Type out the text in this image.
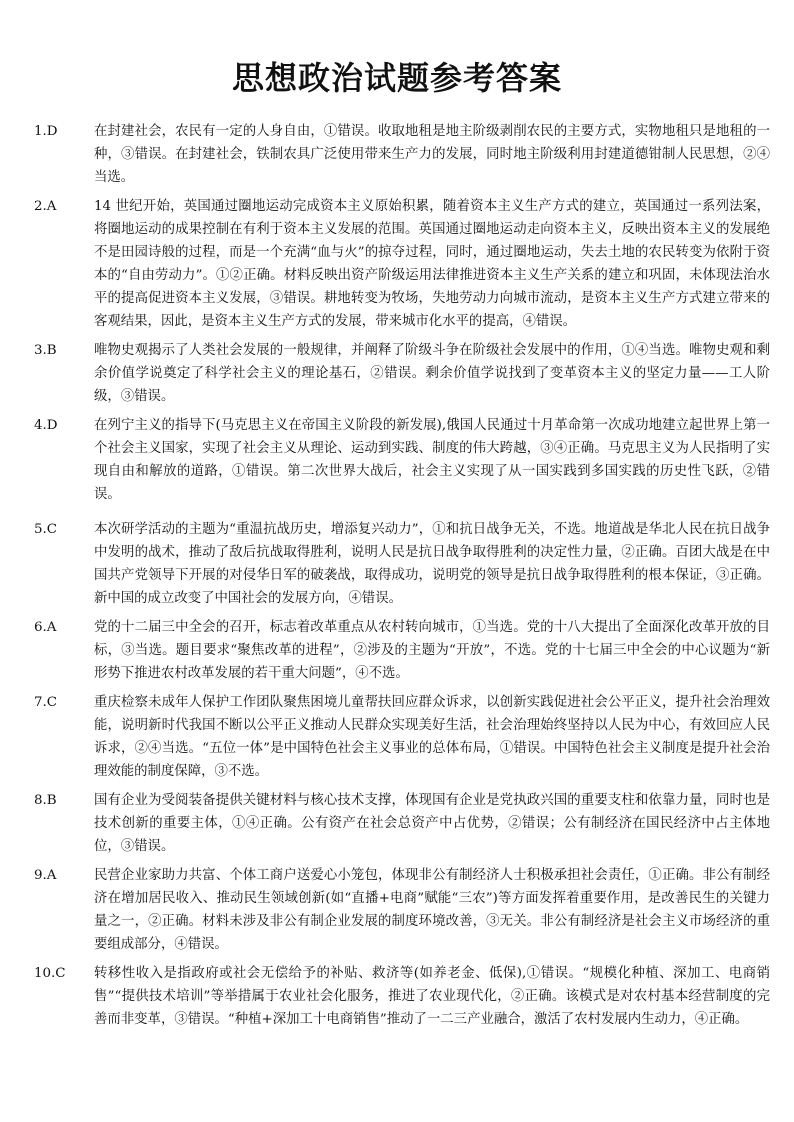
思想政治试题参考答案
1.D	在封建社会，农民有一定的人身自由，①错误。收取地租是地主阶级剥削农民的主要方式，实物地租只是地租的一种，③错误。在封建社会，铁制农具广泛使用带来生产力的发展，同时地主阶级利用封建道德钳制人民思想，②④当选。
2.A	14 世纪开始，英国通过圈地运动完成资本主义原始积累，随着资本主义生产方式的建立，英国通过一系列法案，将圈地运动的成果控制在有利于资本主义发展的范围。英国通过圈地运动走向资本主义，反映出资本主义的发展绝不是田园诗般的过程，而是一个充满“血与火”的掠夺过程，同时，通过圈地运动，失去土地的农民转变为依附于资本的“自由劳动力”。①②正确。材料反映出资产阶级运用法律推进资本主义生产关系的建立和巩固，未体现法治水平的提高促进资本主义发展，③错误。耕地转变为牧场，失地劳动力向城市流动，是资本主义生产方式建立带来的客观结果，因此，是资本主义生产方式的发展，带来城市化水平的提高，④错误。
3.B	唯物史观揭示了人类社会发展的一般规律，并阐释了阶级斗争在阶级社会发展中的作用，①④当选。唯物史观和剩余价值学说奠定了科学社会主义的理论基石，②错误。剩余价值学说找到了变革资本主义的坚定力量——工人阶级，③错误。
4.D	在列宁主义的指导下(马克思主义在帝国主义阶段的新发展),俄国人民通过十月革命第一次成功地建立起世界上第一个社会主义国家，实现了社会主义从理论、运动到实践、制度的伟大跨越，③④正确。马克思主义为人民指明了实现自由和解放的道路，①错误。第二次世界大战后，社会主义实现了从一国实践到多国实践的历史性飞跃，②错误。
5.C	本次研学活动的主题为“重温抗战历史，增添复兴动力”，①和抗日战争无关，不选。地道战是华北人民在抗日战争中发明的战术，推动了敌后抗战取得胜利，说明人民是抗日战争取得胜利的决定性力量，②正确。百团大战是在中国共产党领导下开展的对侵华日军的破袭战，取得成功，说明党的领导是抗日战争取得胜利的根本保证，③正确。新中国的成立改变了中国社会的发展方向，④错误。
6.A	党的十二届三中全会的召开，标志着改革重点从农村转向城市，①当选。党的十八大提出了全面深化改革开放的目标，③当选。题目要求“聚焦改革的进程”，②涉及的主题为“开放”，不选。党的十七届三中全会的中心议题为“新形势下推进农村改革发展的若干重大问题”，④不选。
7.C	重庆检察未成年人保护工作团队聚焦困境儿童帮扶回应群众诉求，以创新实践促进社会公平正义，提升社会治理效能，说明新时代我国不断以公平正义推动人民群众实现美好生活，社会治理始终坚持以人民为中心，有效回应人民诉求，②④当选。“五位一体”是中国特色社会主义事业的总体布局，①错误。中国特色社会主义制度是提升社会治理效能的制度保障，③不选。
8.B	国有企业为受阅装备提供关键材料与核心技术支撑，体现国有企业是党执政兴国的重要支柱和依靠力量，同时也是技术创新的重要主体，①④正确。公有资产在社会总资产中占优势，②错误；公有制经济在国民经济中占主体地位，③错误。
9.A	民营企业家助力共富、个体工商户送爱心小笼包，体现非公有制经济人士积极承担社会责任，①正确。非公有制经济在增加居民收入、推动民生领域创新(如“直播+电商”赋能“三农”)等方面发挥着重要作用，是改善民生的关键力量之一，②正确。材料未涉及非公有制企业发展的制度环境改善，③无关。非公有制经济是社会主义市场经济的重要组成部分，④错误。
10.C	转移性收入是指政府或社会无偿给予的补贴、救济等(如养老金、低保),①错误。“规模化种植、深加工、电商销售”“提供技术培训”等举措属于农业社会化服务，推进了农业现代化，②正确。该模式是对农村基本经营制度的完善而非变革，③错误。“种植+深加工十电商销售”推动了一二三产业融合，激活了农村发展内生动力，④正确。
